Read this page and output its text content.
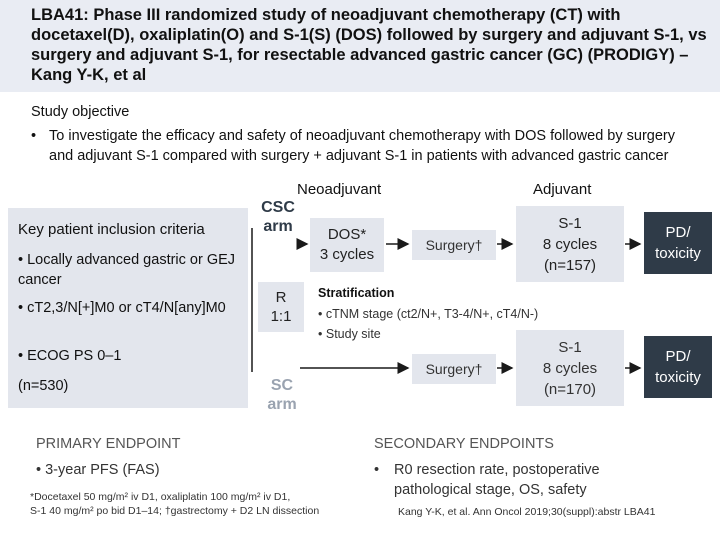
LBA41: Phase III randomized study of neoadjuvant chemotherapy (CT) with docetaxel(D), oxaliplatin(O) and S-1(S) (DOS) followed by surgery and adjuvant S-1, vs surgery and adjuvant S-1, for resectable advanced gastric cancer (GC) (PRODIGY) – Kang Y-K, et al
Study objective
• To investigate the efficacy and safety of neoadjuvant chemotherapy with DOS followed by surgery and adjuvant S-1 compared with surgery + adjuvant S-1 in patients with advanced gastric cancer
Neoadjuvant	Adjuvant
Key patient inclusion criteria
• Locally advanced gastric or GEJ cancer
• cT2,3/N[+]M0 or cT4/N[any]M0
• ECOG PS 0–1
(n=530)
CSC
arm
SC
arm
R
1:1
DOS*
3 cycles
Surgery†
S-1
8 cycles
(n=157)
PD/
toxicity
Stratification
• cTNM stage (ct2/N+, T3-4/N+, cT4/N-)
• Study site
Surgery†
S-1
8 cycles
(n=170)
PD/
toxicity
PRIMARY ENDPOINT
• 3-year PFS (FAS)
SECONDARY ENDPOINTS
•	R0 resection rate, postoperative pathological stage, OS, safety
*Docetaxel 50 mg/m² iv D1, oxaliplatin 100 mg/m² iv D1,
S-1 40 mg/m² po bid D1–14; †gastrectomy + D2 LN dissection	Kang Y-K, et al. Ann Oncol 2019;30(suppl):abstr LBA41
